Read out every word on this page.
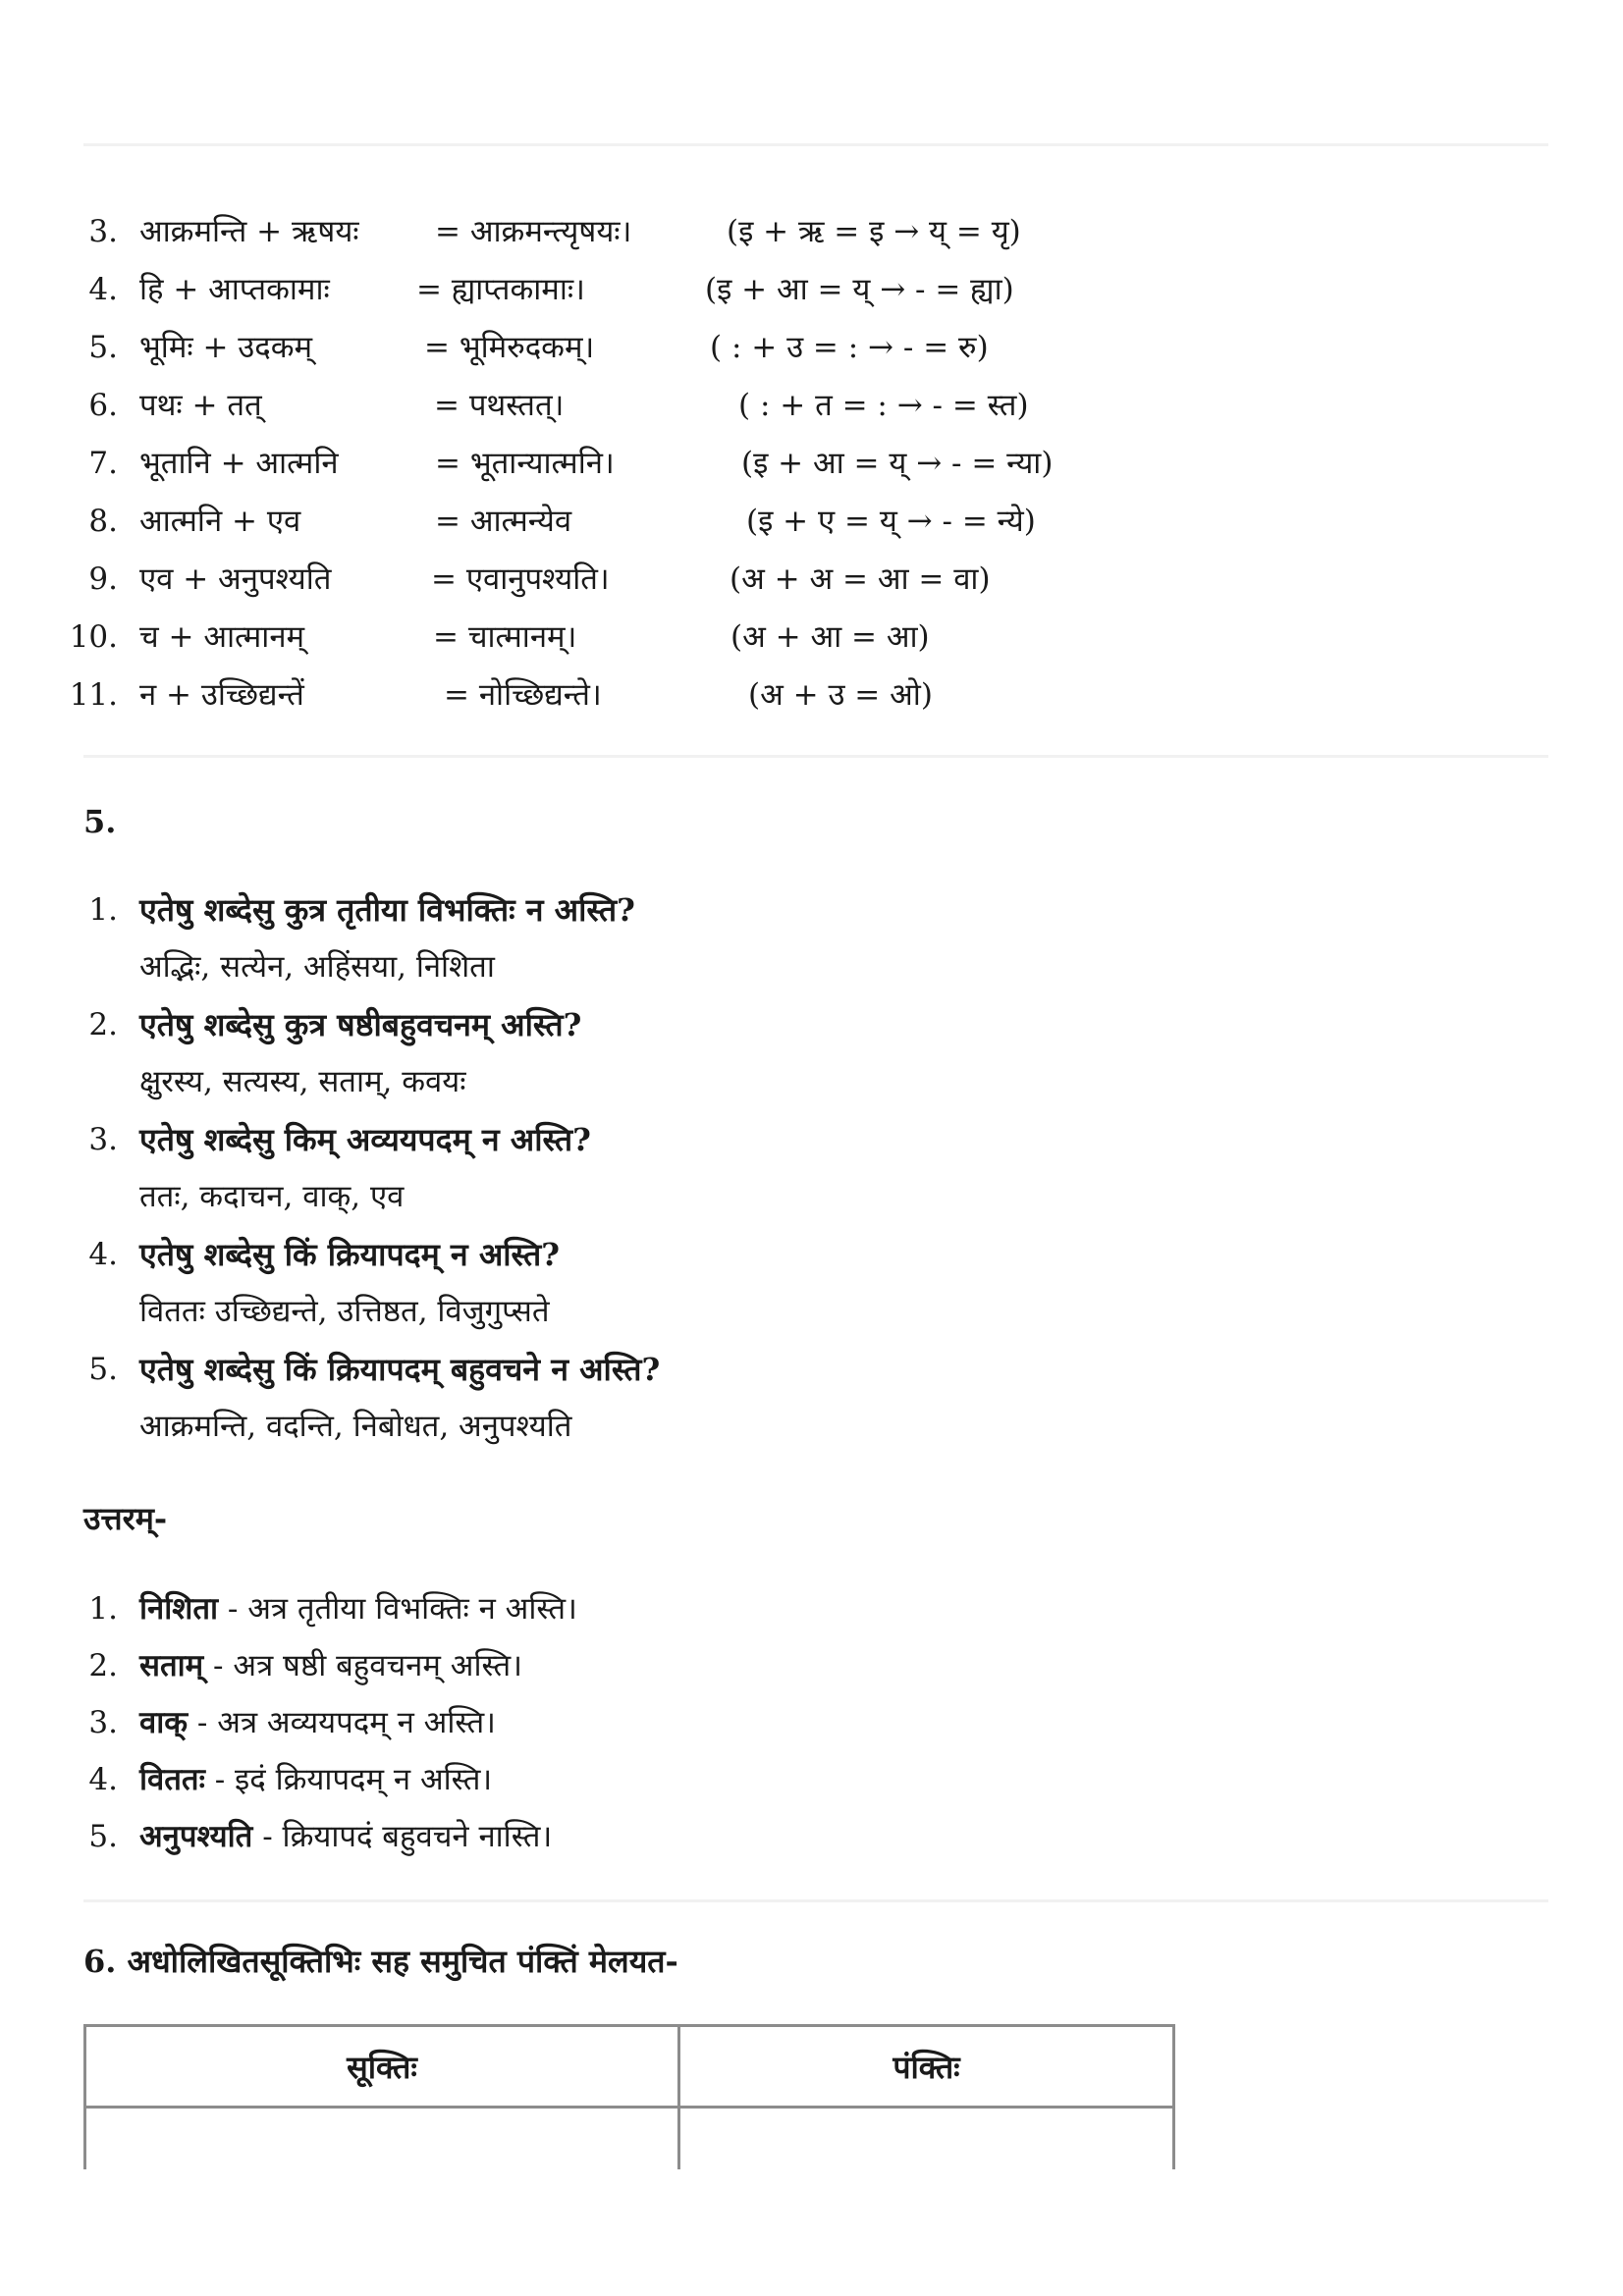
3. आक्रमन्ति + ऋषयः = आक्रमन्त्यृषयः।	(इ + ऋ = इ → य् = यृ)
4. हि + आप्तकामाः	= ह्याप्तकामाः।	(इ + आ = य् → - = ह्या)
5. भूमिः + उदकम्	= भूमिरुदकम्।	( : + उ = : → - = रु)
6. पथः + तत्	= पथस्तत्।	( : + त = : → - = स्त)
7. भूतानि + आत्मनि	= भूतान्यात्मनि।	(इ + आ = य् → - = न्या)
8. आत्मनि + एव	= आत्मन्येव	(इ + ए = य् → - = न्ये)
9. एव + अनुपश्यति	= एवानुपश्यति।	(अ + अ = आ = वा)
10. च + आत्मानम्	= चात्मानम्।	(अ + आ = आ)
11. न + उच्छिद्यन्तें	= नोच्छिद्यन्ते।	(अ + उ = ओ)
5.
1. एतेषु शब्देसु कुत्र तृतीया विभक्तिः न अस्ति?
अद्भिः, सत्येन, अहिंसया, निशिता
2. एतेषु शब्देसु कुत्र षष्ठीबहुवचनम् अस्ति?
क्षुरस्य, सत्यस्य, सताम्, कवयः
3. एतेषु शब्देसु किम् अव्ययपदम् न अस्ति?
ततः, कदाचन, वाक्, एव
4. एतेषु शब्देसु किं क्रियापदम् न अस्ति?
विततः उच्छिद्यन्ते, उत्तिष्ठत, विजुगुप्सते
5. एतेषु शब्देसु किं क्रियापदम् बहुवचने न अस्ति?
आक्रमन्ति, वदन्ति, निबोधत, अनुपश्यति
उत्तरम्-
1. निशिता - अत्र तृतीया विभक्तिः न अस्ति।
2. सताम् - अत्र षष्ठी बहुवचनम् अस्ति।
3. वाक् - अत्र अव्ययपदम् न अस्ति।
4. विततः - इदं क्रियापदम् न अस्ति।
5. अनुपश्यति - क्रियापदं बहुवचने नास्ति।
6. अधोलिखितसूक्तिभिः सह समुचित पंक्तिं मेलयत-
सूक्तिः	पंक्तिः
